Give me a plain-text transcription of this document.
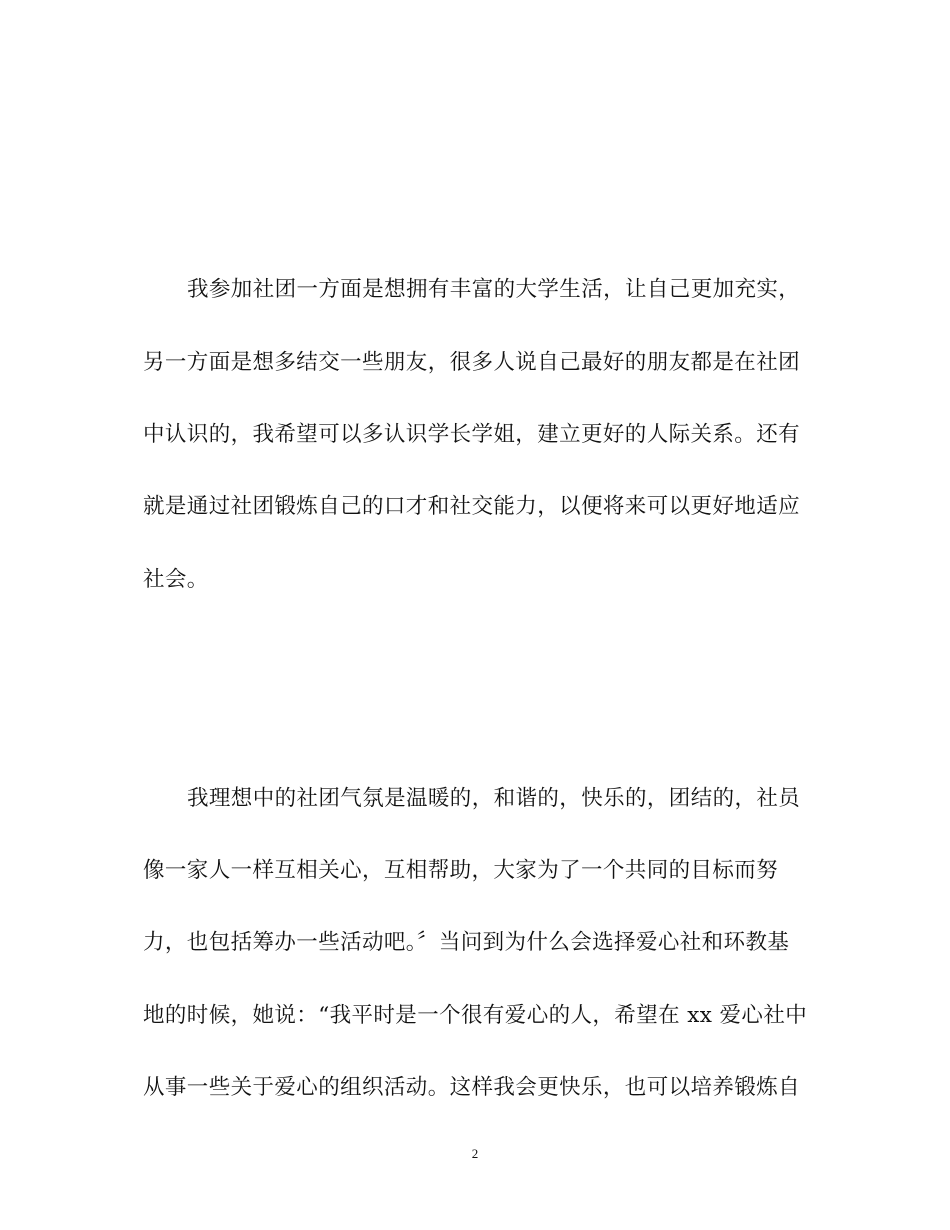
我参加社团一方面是想拥有丰富的大学生活，让自己更加充实，
另一方面是想多结交一些朋友，很多人说自己最好的朋友都是在社团
中认识的，我希望可以多认识学长学姐，建立更好的人际关系。还有
就是通过社团锻炼自己的口才和社交能力，以便将来可以更好地适应
社会。
我理想中的社团气氛是温暖的，和谐的，快乐的，团结的，社员
像一家人一样互相关心，互相帮助，大家为了一个共同的目标而努
力，也包括筹办一些活动吧。〞当问到为什么会选择爱心社和环教基
地的时候，她说：“我平时是一个很有爱心的人，希望在 xx 爱心社中
从事一些关于爱心的组织活动。这样我会更快乐，也可以培养锻炼自
2
